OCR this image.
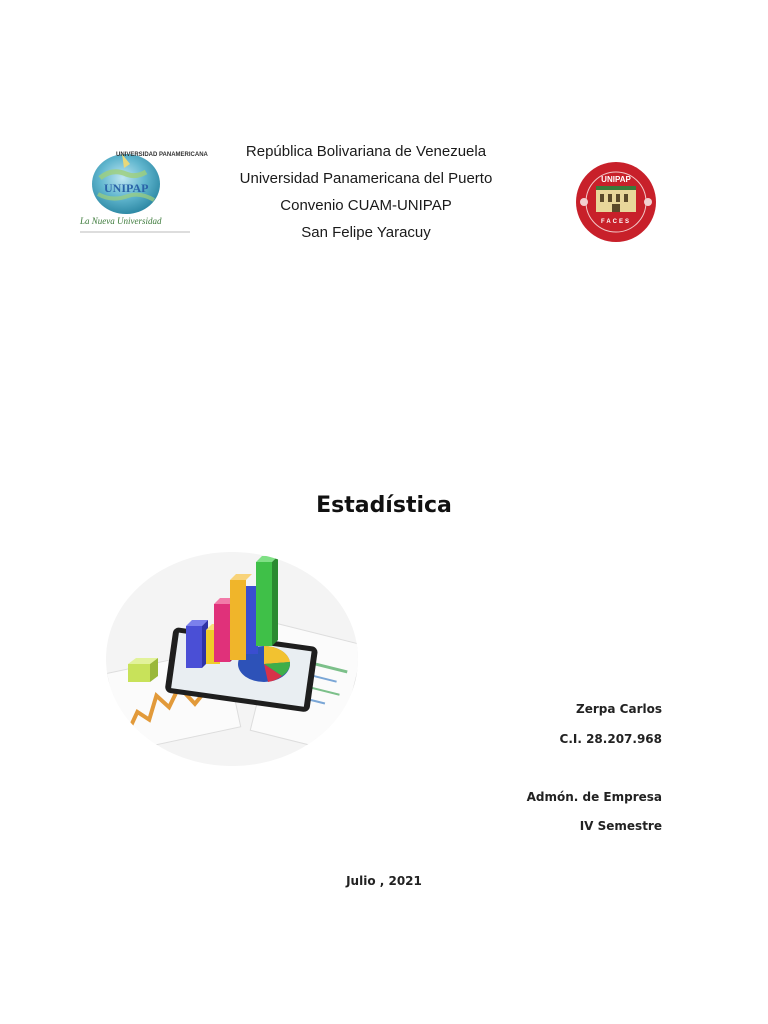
UNIVERSIDAD PANAMERICANA
UNIPAP
La Nueva Universidad
República Bolivariana de Venezuela
Universidad Panamericana del Puerto
Convenio CUAM-UNIPAP
San Felipe Yaracuy
UNIPAP
FACES
Estadística
Zerpa Carlos
C.I. 28.207.968
Admón. de Empresa
IV Semestre
Julio , 2021
